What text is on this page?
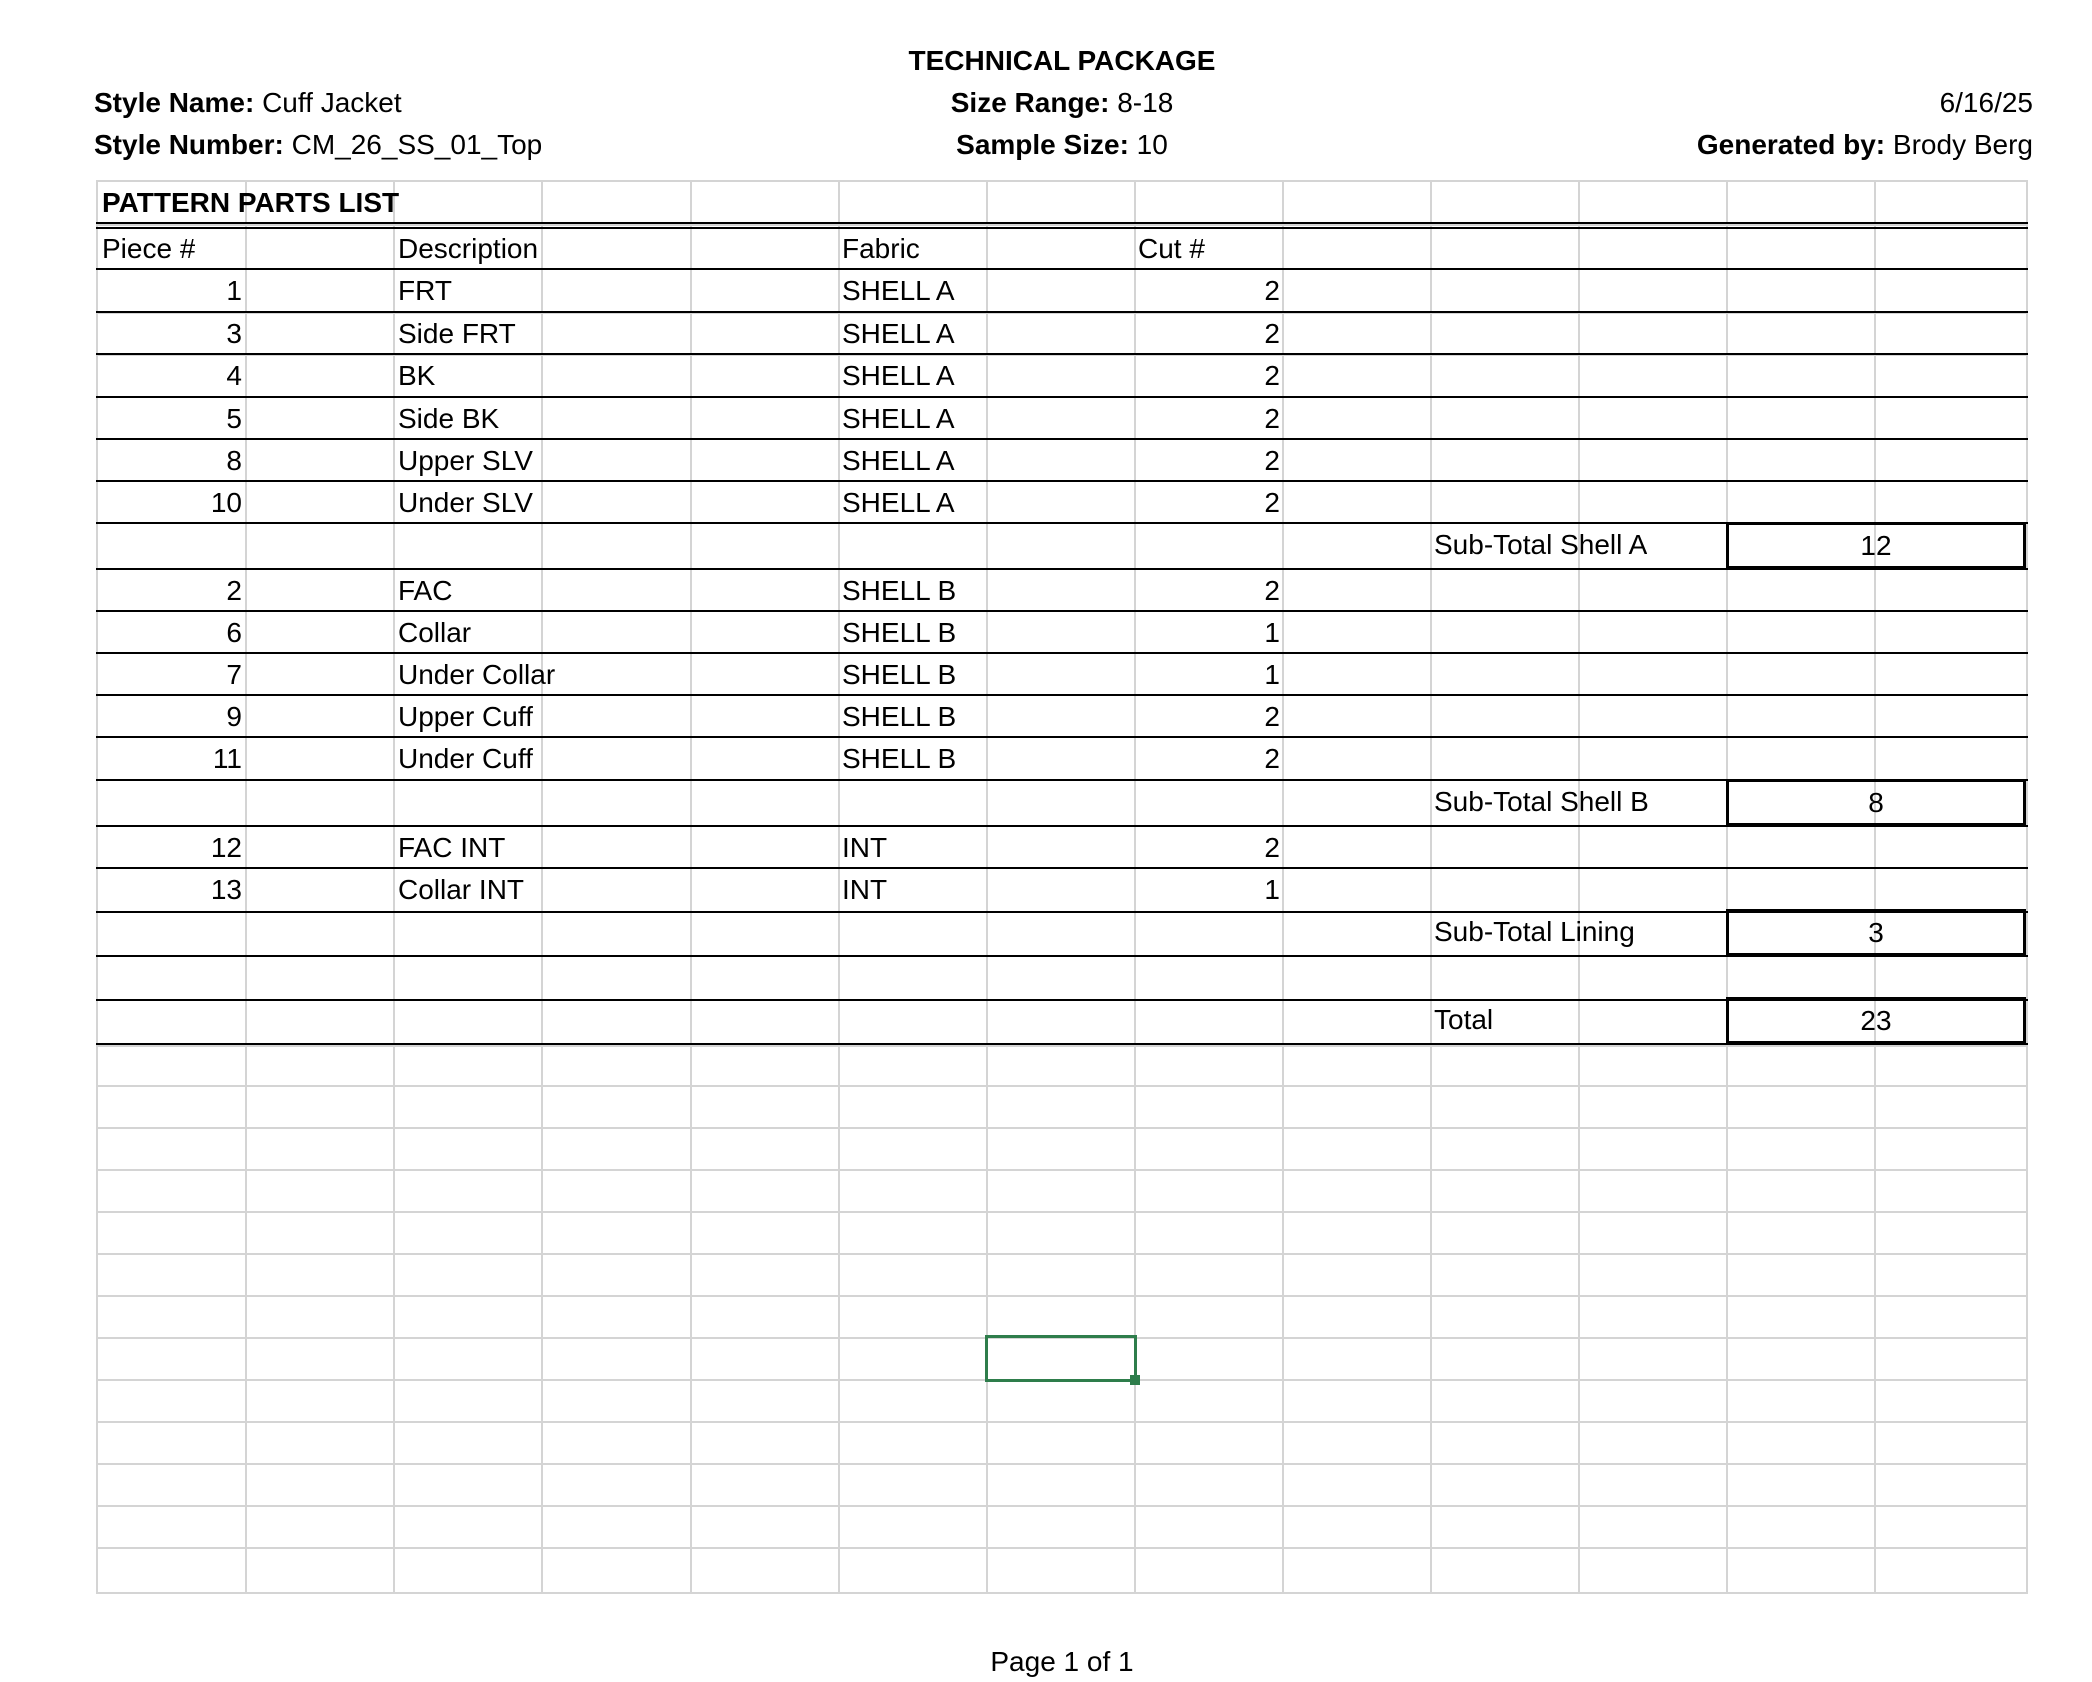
TECHNICAL PACKAGE
Style Name: Cuff Jacket
Style Number: CM_26_SS_01_Top
Size Range: 8-18
Sample Size: 10
6/16/25
Generated by: Brody Berg
PATTERN PARTS LIST
Piece #	Description	Fabric	Cut #
1	FRT	SHELL A	2
3	Side FRT	SHELL A	2
4	BK	SHELL A	2
5	Side BK	SHELL A	2
8	Upper SLV	SHELL A	2
10	Under SLV	SHELL A	2
2	FAC	SHELL B	2
6	Collar	SHELL B	1
7	Under Collar	SHELL B	1
9	Upper Cuff	SHELL B	2
11	Under Cuff	SHELL B	2
12	FAC INT	INT	2
13	Collar INT	INT	1
Sub-Total Shell A	12
Sub-Total Shell B	8
Sub-Total Lining	3
Total	23
Page 1 of 1
